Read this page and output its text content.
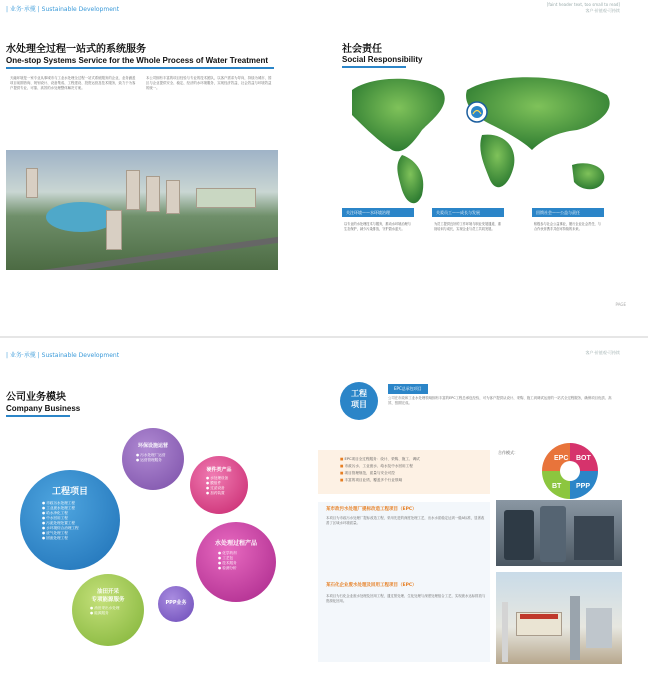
| 业务·承揽 | Sustainable Development
[faint header text, too small to read]
客户·价值观·可持续
水处理全过程一站式的系统服务
One-stop Systems Service for the Whole Process of Water Treatment
天融环境是一家专业从事城市与工业水处理全过程一站式系统服务的企业，业务涵盖项目前期咨询、规划设计、设备集成、工程建设、投资运营及技术服务，致力于为客户提供专业、可靠、高效的水处理整体解决方案。
本公司拥有丰富的项目经验与专业的技术团队，以客户需求为导向，持续为城市、园区与企业提供安全、稳定、经济的水环境服务，实现经济效益、社会效益与环境效益的统一。
社会责任
Social Responsibility
关注环境——水环境治理
以专业的水处理技术与服务，推动水环境治理与生态保护，减少污染排放，守护碧水蓝天。
关爱员工——成长与发展
为员工提供良好的工作环境与职业发展通道，重视培训与成长，实现企业与员工共同发展。
回馈社会——公益与责任
积极参与社会公益事业，履行企业社会责任，与合作伙伴携手共创可持续的未来。
PAGE
| 业务·承揽 | Sustainable Development	客户·价值观·可持续
公司业务模块
Company Business
环保设施运营
● 污水处理厂运营
● 运营管理服务
硬件类产品
● 水处理设备
● 膜组件
● 过滤设备
● 加药装置
工程项目
● 市政污水处理工程
● 工业废水处理工程
● 给水净化工程
● 中水回用工程
● 污泥处理处置工程
● 水环境综合治理工程
● 废气处理工程
● 固废处理工程
水处理过程产品
● 化学药剂
● 工艺包
● 技术服务
● 检测分析
PPP业务
油田开采
专项能源服务
● 油田采出水处理
● 能源服务
工程
项目
EPC总承包项目
公司在市政和工业水处理领域拥有丰富的EPC工程总承包经验，可为客户提供从设计、采购、施工到调试运营的一站式全过程服务，确保项目优质、高效、按期完成。
■ EPC项目全过程服务：设计、采购、施工、调试
■ 市政污水、工业废水、给水及中水回用工程
■ 项目管理规范，质量与安全可控
■ 丰富的项目业绩，覆盖多个行业领域
合作模式：
EPC BOT
BT PPP
某市政污水处理厂提标改造工程项目（EPC）
本项目为市政污水处理厂提标改造工程，采用先进的深度处理工艺，出水水质稳定达到一级A标准，显著改善了区域水环境质量。
某石化企业废水处理及回用工程项目（EPC）
本项目为石化企业废水处理及回用工程，通过预处理、生化处理与深度处理组合工艺，实现废水达标排放与资源化回用。
